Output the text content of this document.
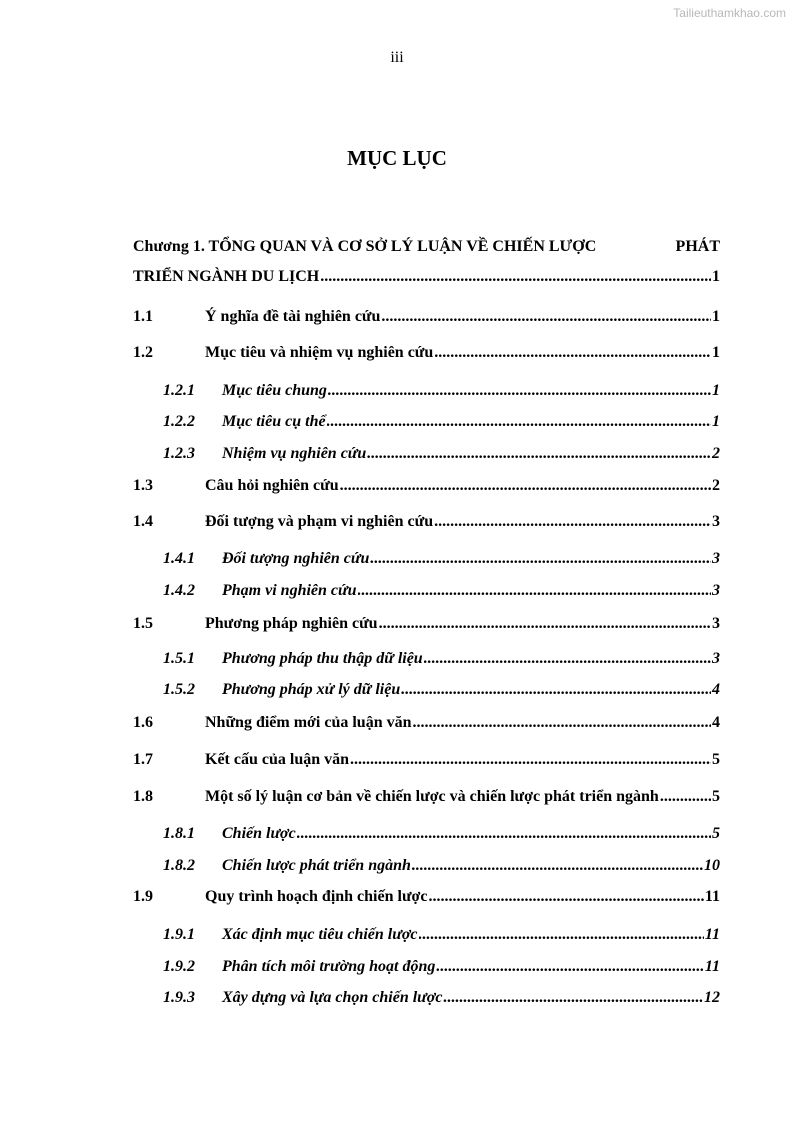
Tailieuthamkhao.com
iii
MỤC LỤC
Chương 1. TỔNG QUAN VÀ CƠ SỞ LÝ LUẬN VỀ CHIẾN LƯỢC	PHÁT
TRIỂN NGÀNH DU LỊCH .....	1
1.1	Ý nghĩa đề tài nghiên cứu .....	1
1.2	Mục tiêu và nhiệm vụ nghiên cứu .....	1
1.2.1	Mục tiêu chung .....	1
1.2.2	Mục tiêu cụ thể .....	1
1.2.3	Nhiệm vụ nghiên cứu .....	2
1.3	Câu hỏi nghiên cứu .....	2
1.4	Đối tượng và phạm vi nghiên cứu .....	3
1.4.1	Đối tượng nghiên cứu .....	3
1.4.2	Phạm vi nghiên cứu .....	3
1.5	Phương pháp nghiên cứu .....	3
1.5.1	Phương pháp thu thập dữ liệu .....	3
1.5.2	Phương pháp xử lý dữ liệu .....	4
1.6	Những điểm mới của luận văn .....	4
1.7	Kết cấu của luận văn .....	5
1.8	Một số lý luận cơ bản về chiến lược và chiến lược phát triển ngành .....	5
1.8.1	Chiến lược .....	5
1.8.2	Chiến lược phát triển ngành .....	10
1.9	Quy trình hoạch định chiến lược .....	11
1.9.1	Xác định mục tiêu chiến lược .....	11
1.9.2	Phân tích môi trường hoạt động .....	11
1.9.3	Xây dựng và lựa chọn chiến lược .....	12
